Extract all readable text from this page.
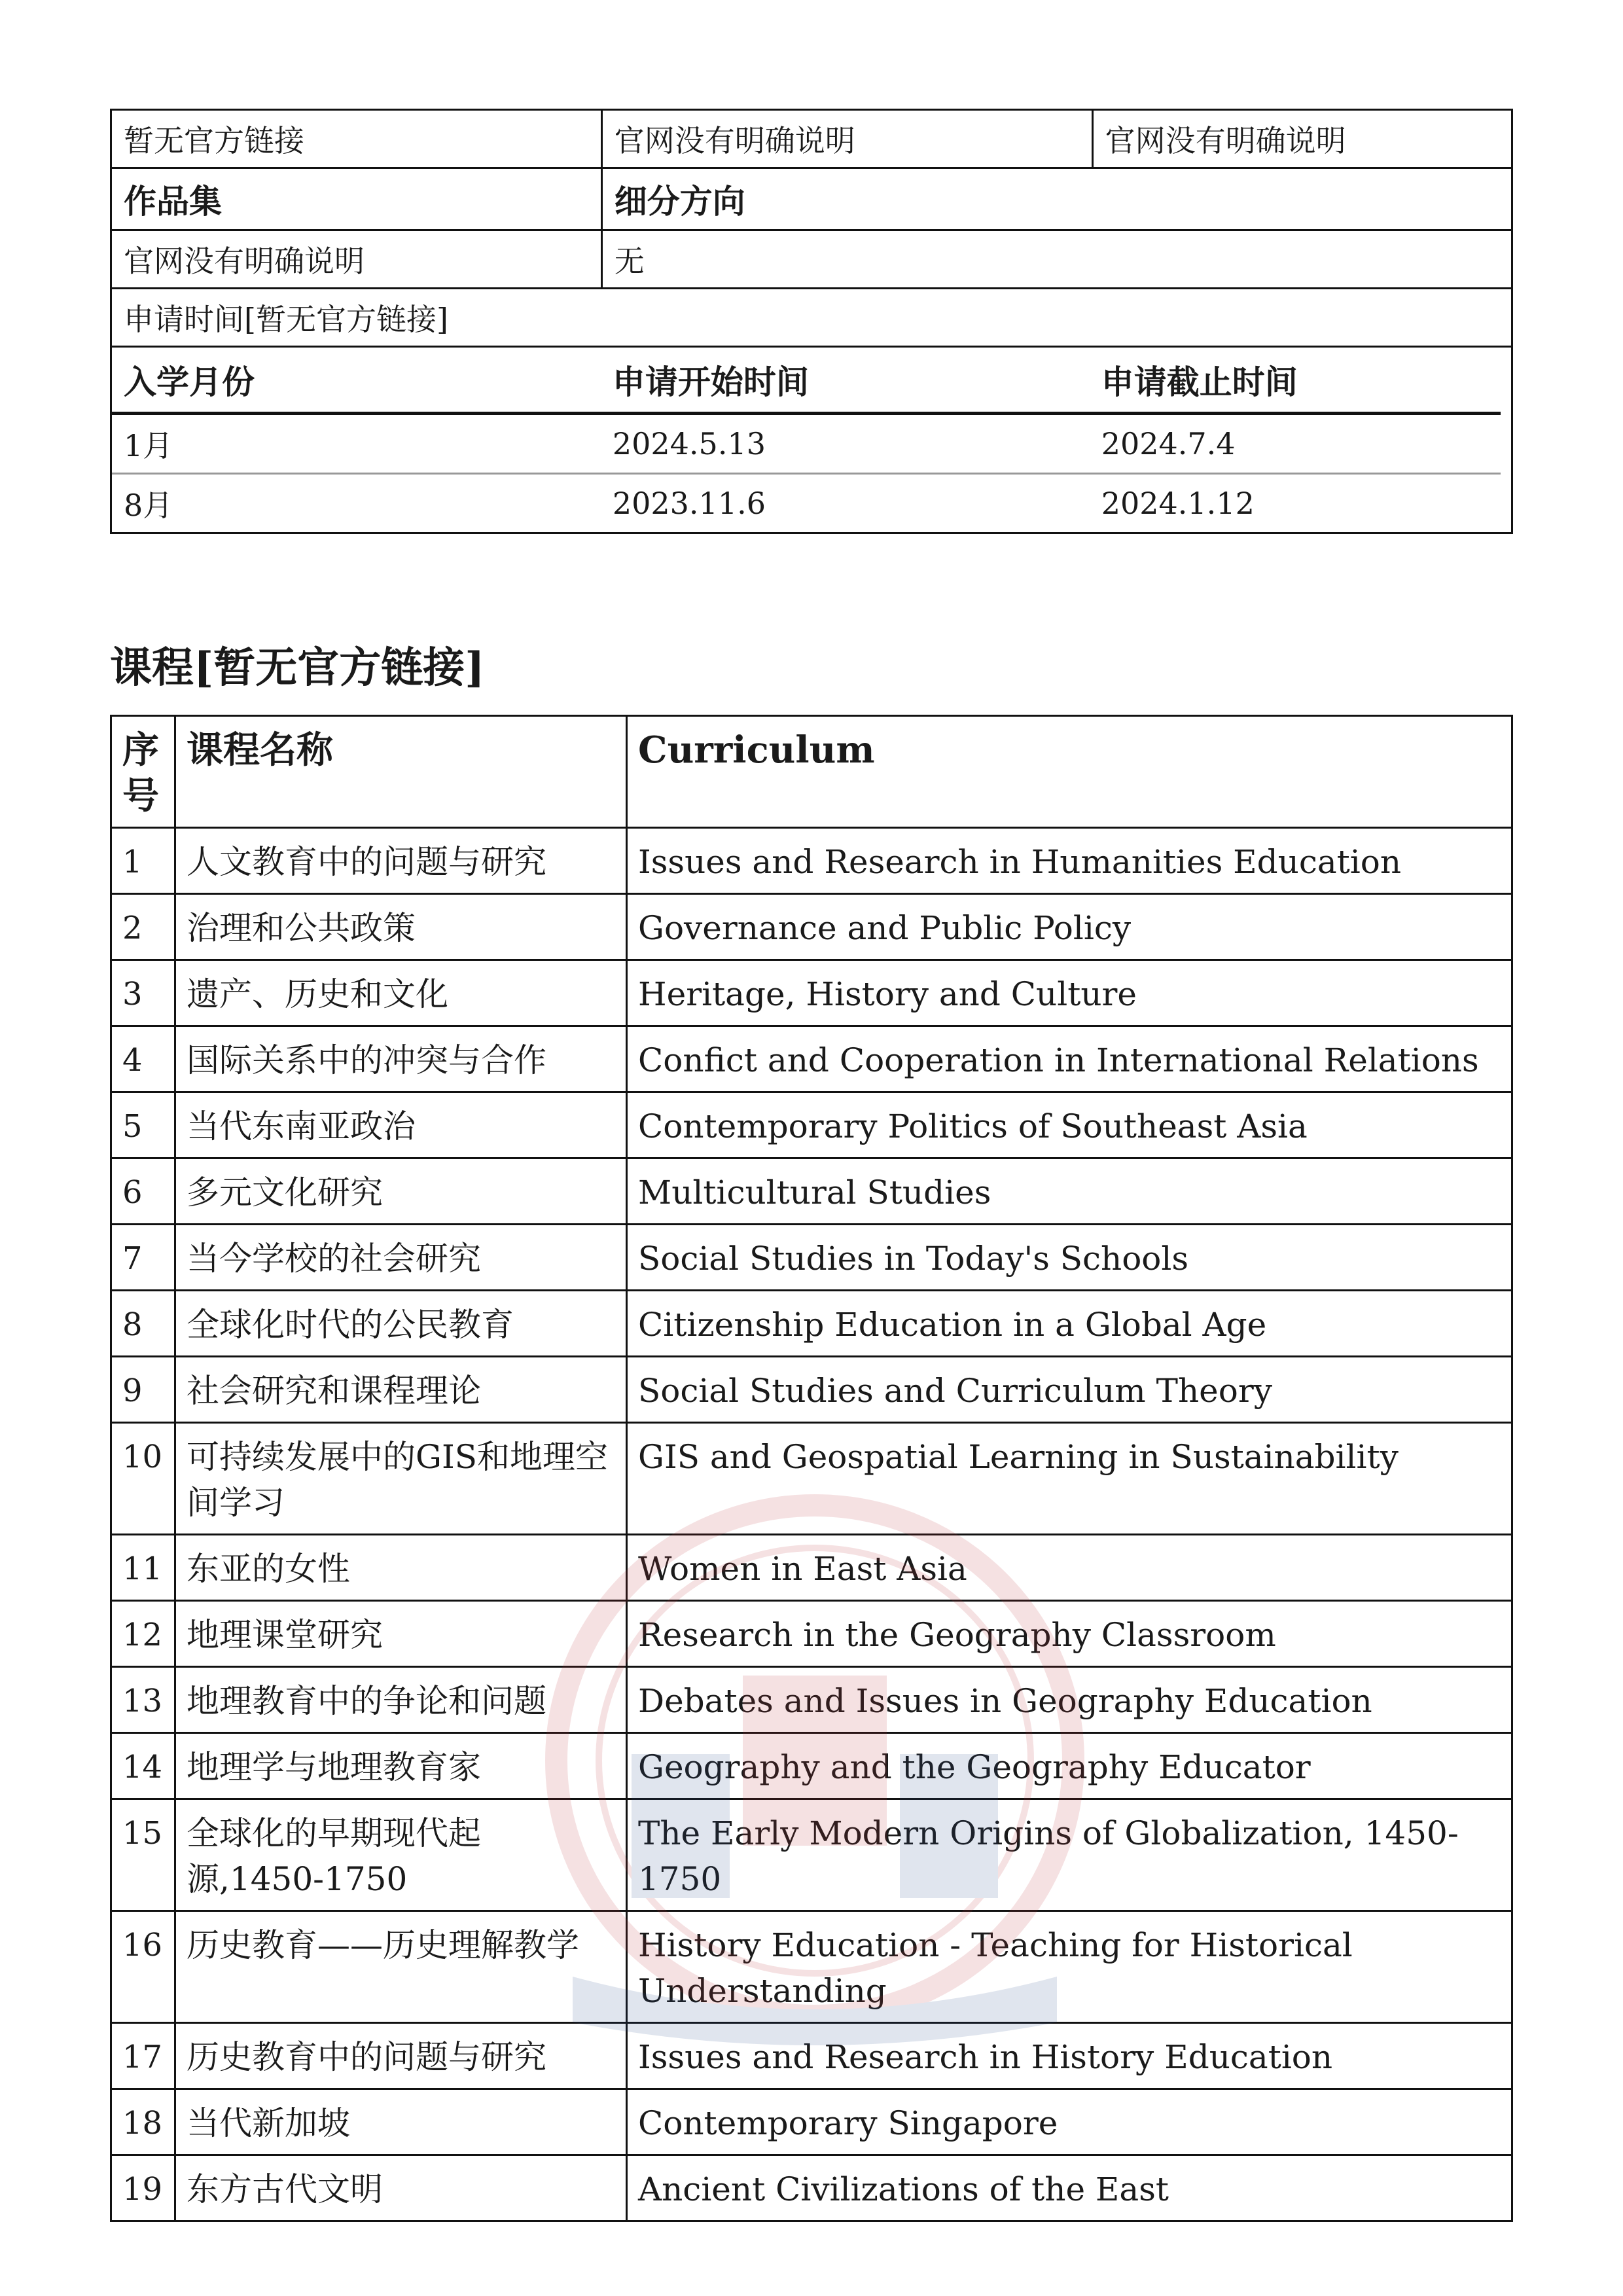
暂无官方链接	官网没有明确说明	官网没有明确说明
作品集	细分方向
官网没有明确说明	无
申请时间[暂无官方链接]

入学月份	申请开始时间	申请截止时间
1月	2024.5.13	2024.7.4
8月	2023.11.6	2024.1.12
课程[暂无官方链接]
序号	课程名称	Curriculum
1	人文教育中的问题与研究	Issues and Research in Humanities Education
2	治理和公共政策	Governance and Public Policy
3	遗产、历史和文化	Heritage, History and Culture
4	国际关系中的冲突与合作	Confict and Cooperation in International Relations
5	当代东南亚政治	Contemporary Politics of Southeast Asia
6	多元文化研究	Multicultural Studies
7	当今学校的社会研究	Social Studies in Today's Schools
8	全球化时代的公民教育	Citizenship Education in a Global Age
9	社会研究和课程理论	Social Studies and Curriculum Theory
10	可持续发展中的GIS和地理空间学习	GIS and Geospatial Learning in Sustainability
11	东亚的女性	Women in East Asia
12	地理课堂研究	Research in the Geography Classroom
13	地理教育中的争论和问题	Debates and Issues in Geography Education
14	地理学与地理教育家	Geography and the Geography Educator
15	全球化的早期现代起源,1450-1750	The Early Modern Origins of Globalization, 1450-1750
16	历史教育——历史理解教学	History Education - Teaching for Historical Understanding
17	历史教育中的问题与研究	Issues and Research in History Education
18	当代新加坡	Contemporary Singapore
19	东方古代文明	Ancient Civilizations of the East
